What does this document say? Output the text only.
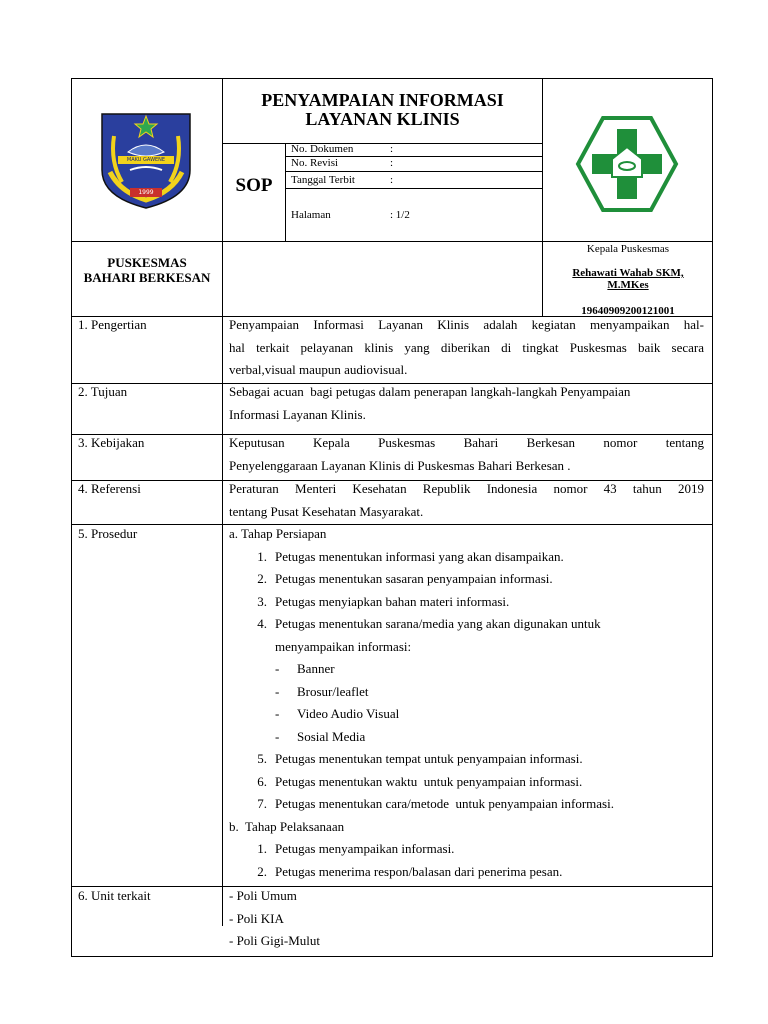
MAKU GAWENE
1999
PENYAMPAIAN INFORMASI
LAYANAN KLINIS
SOP
No. Dokumen	:
No. Revisi	:
Tanggal Terbit	:
Halaman	: 1/2
PUSKESMAS
BAHARI BERKESAN
Kepala Puskesmas
Rehawati Wahab SKM,
M.MKes
19640909200121001
1. Pengertian	Penyampaian Informasi Layanan Klinis adalah kegiatan menyampaikan hal-
hal terkait pelayanan klinis yang diberikan di tingkat Puskesmas baik secara
verbal,visual maupun audiovisual.
2. Tujuan	Sebagai acuan  bagi petugas dalam penerapan langkah-langkah Penyampaian
Informasi Layanan Klinis.
3. Kebijakan	Keputusan Kepala Puskesmas Bahari Berkesan nomor tentang
Penyelenggaraan Layanan Klinis di Puskesmas Bahari Berkesan .
4. Referensi	Peraturan Menteri Kesehatan Republik Indonesia nomor 43 tahun 2019
tentang Pusat Kesehatan Masyarakat.
5. Prosedur	a. Tahap Persiapan
1. Petugas menentukan informasi yang akan disampaikan.
2. Petugas menentukan sasaran penyampaian informasi.
3. Petugas menyiapkan bahan materi informasi.
4. Petugas menentukan sarana/media yang akan digunakan untuk
menyampaikan informasi:
-	Banner
-	Brosur/leaflet
-	Video Audio Visual
-	Sosial Media
5. Petugas menentukan tempat untuk penyampaian informasi.
6. Petugas menentukan waktu  untuk penyampaian informasi.
7. Petugas menentukan cara/metode  untuk penyampaian informasi.
b.  Tahap Pelaksanaan
1. Petugas menyampaikan informasi.
2. Petugas menerima respon/balasan dari penerima pesan.
6. Unit terkait	- Poli Umum
- Poli KIA
- Poli Gigi-Mulut
